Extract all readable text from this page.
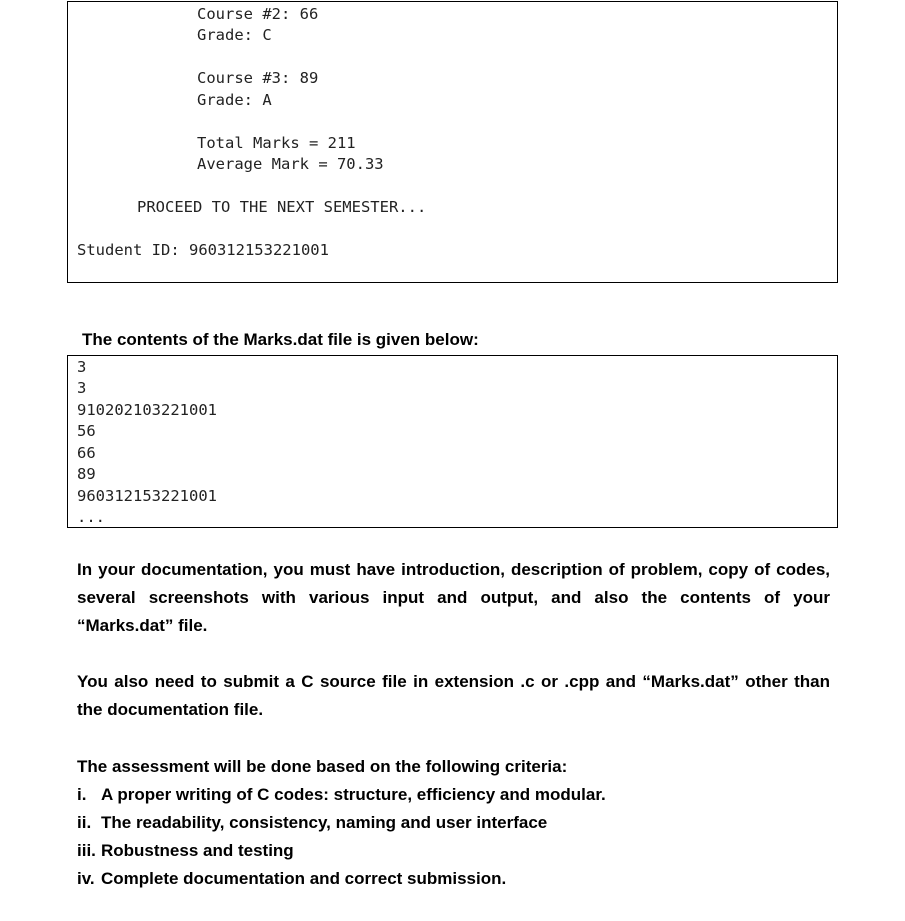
Course #2: 66
Grade: C
Course #3: 89
Grade: A
Total Marks = 211
Average Mark = 70.33
PROCEED TO THE NEXT SEMESTER...
Student ID: 960312153221001
The contents of the Marks.dat file is given below:
3
3
910202103221001
56
66
89
960312153221001
...
In your documentation, you must have introduction, description of problem, copy of codes, several screenshots with various input and output, and also the contents of your “Marks.dat” file.
You also need to submit a C source file in extension .c or .cpp and “Marks.dat” other than the documentation file.
The assessment will be done based on the following criteria:
i. A proper writing of C codes: structure, efficiency and modular.
ii. The readability, consistency, naming and user interface
iii. Robustness and testing
iv. Complete documentation and correct submission.
